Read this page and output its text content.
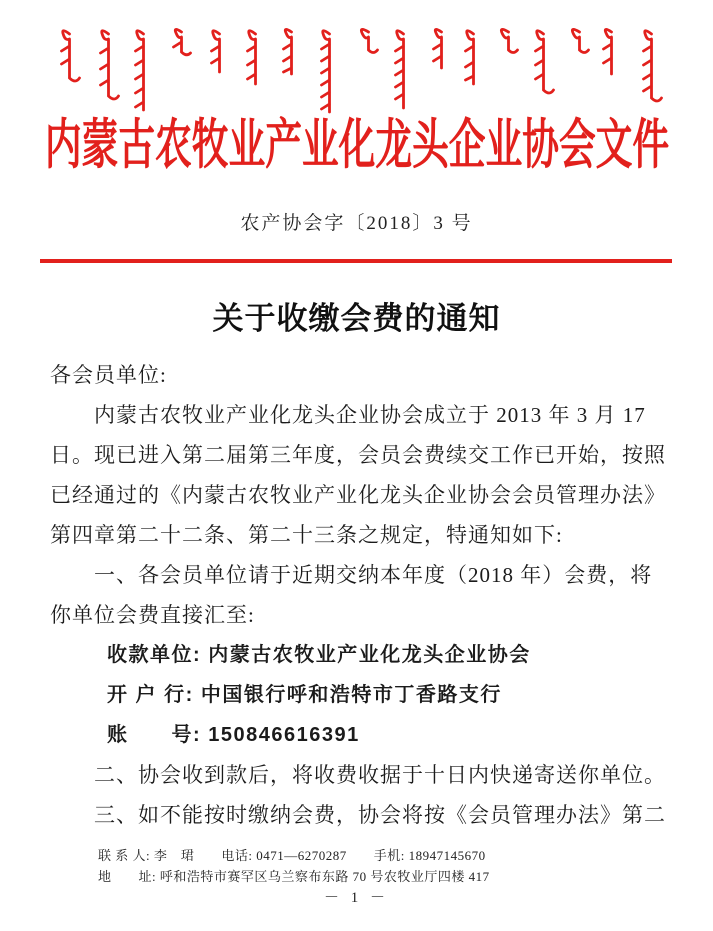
内蒙古农牧业产业化龙头企业协会文件
农产协会字〔2018〕3 号
关于收缴会费的通知
各会员单位:
内蒙古农牧业产业化龙头企业协会成立于 2013 年 3 月 17
日。现已进入第二届第三年度，会员会费续交工作已开始，按照
已经通过的《内蒙古农牧业产业化龙头企业协会会员管理办法》
第四章第二十二条、第二十三条之规定，特通知如下:
一、各会员单位请于近期交纳本年度（2018 年）会费，将
你单位会费直接汇至:
收款单位: 内蒙古农牧业产业化龙头企业协会
开 户 行: 中国银行呼和浩特市丁香路支行
账　　号: 150846616391
二、协会收到款后，将收费收据于十日内快递寄送你单位。
三、如不能按时缴纳会费，协会将按《会员管理办法》第二
联 系 人: 李　珺　　电话: 0471—6270287　　手机: 18947145670
地　　址: 呼和浩特市赛罕区乌兰察布东路 70 号农牧业厅四楼 417
－ 1 －
